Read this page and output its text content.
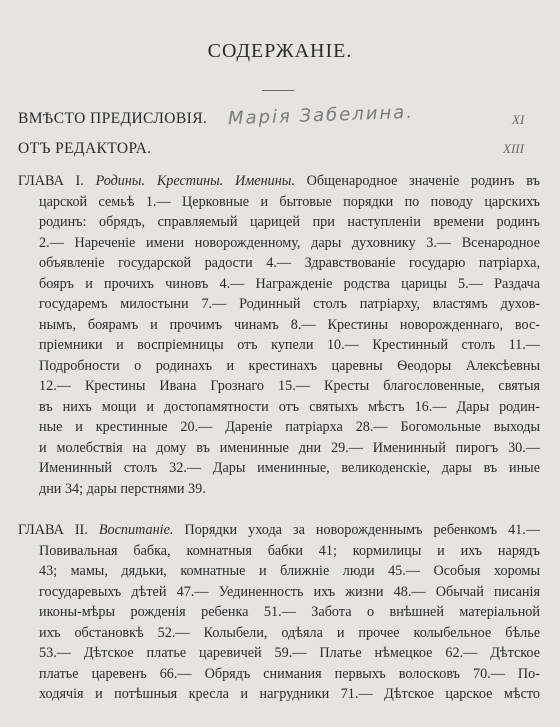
СОДЕРЖАНІЕ.
ВМѢСТО ПРЕДИСЛОВІЯ. Марія Забелина.	XI
ОТЪ РЕДАКТОРА.	XIII
ГЛАВА I. Родины. Крестины. Именины. Общенародное значеніе родинъ въ
царской семьѣ 1.— Церковные и бытовые порядки по поводу царскихъ
родинъ: обрядъ, справляемый царицей при наступленіи времени родинъ
2.— Нареченіе имени новорожденному, дары духовнику 3.— Всенародное
объявленіе государской радости 4.— Здравствованіе государю патріарха,
бояръ и прочихъ чиновъ 4.— Награжденіе родства царицы 5.— Раздача
государемъ милостыни 7.— Родинный столъ патріарху, властямъ духов-
нымъ, боярамъ и прочимъ чинамъ 8.— Крестины новорожденнаго, вос-
пріемники и воспріемницы отъ купели 10.— Крестинный столъ 11.—
Подробности о родинахъ и крестинахъ царевны Ѳеодоры Алексѣевны
12.— Крестины Ивана Грознаго 15.— Кресты благословенные, святыя
въ нихъ мощи и достопамятности отъ святыхъ мѣстъ 16.— Дары родин-
ные и крестинные 20.— Дареніе патріарха 28.— Богомольные выходы
и молебствія на дому въ именинные дни 29.— Именинный пирогъ 30.—
Именинный столъ 32.— Дары именинные, великоденскіе, дары въ иные
дни 34; дары перстнями 39.
ГЛАВА II. Воспитаніе. Порядки ухода за новорожденнымъ ребенкомъ 41.—
Повивальная бабка, комнатныя бабки 41; кормилицы и ихъ нарядъ
43; мамы, дядьки, комнатные и ближніе люди 45.— Особыя хоромы
государевыхъ дѣтей 47.— Уединенность ихъ жизни 48.— Обычай писанія
иконы-мѣры рожденія ребенка 51.— Забота о внѣшней матеріальной
ихъ обстановкѣ 52.— Колыбели, одѣяла и прочее колыбельное бѣлье
53.— Дѣтское платье царевичей 59.— Платье нѣмецкое 62.— Дѣтское
платье царевенъ 66.— Обрядъ снимания первыхъ волосковъ 70.— По-
ходячія и потѣшныя кресла и нагрудники 71.— Дѣтское царское мѣсто
